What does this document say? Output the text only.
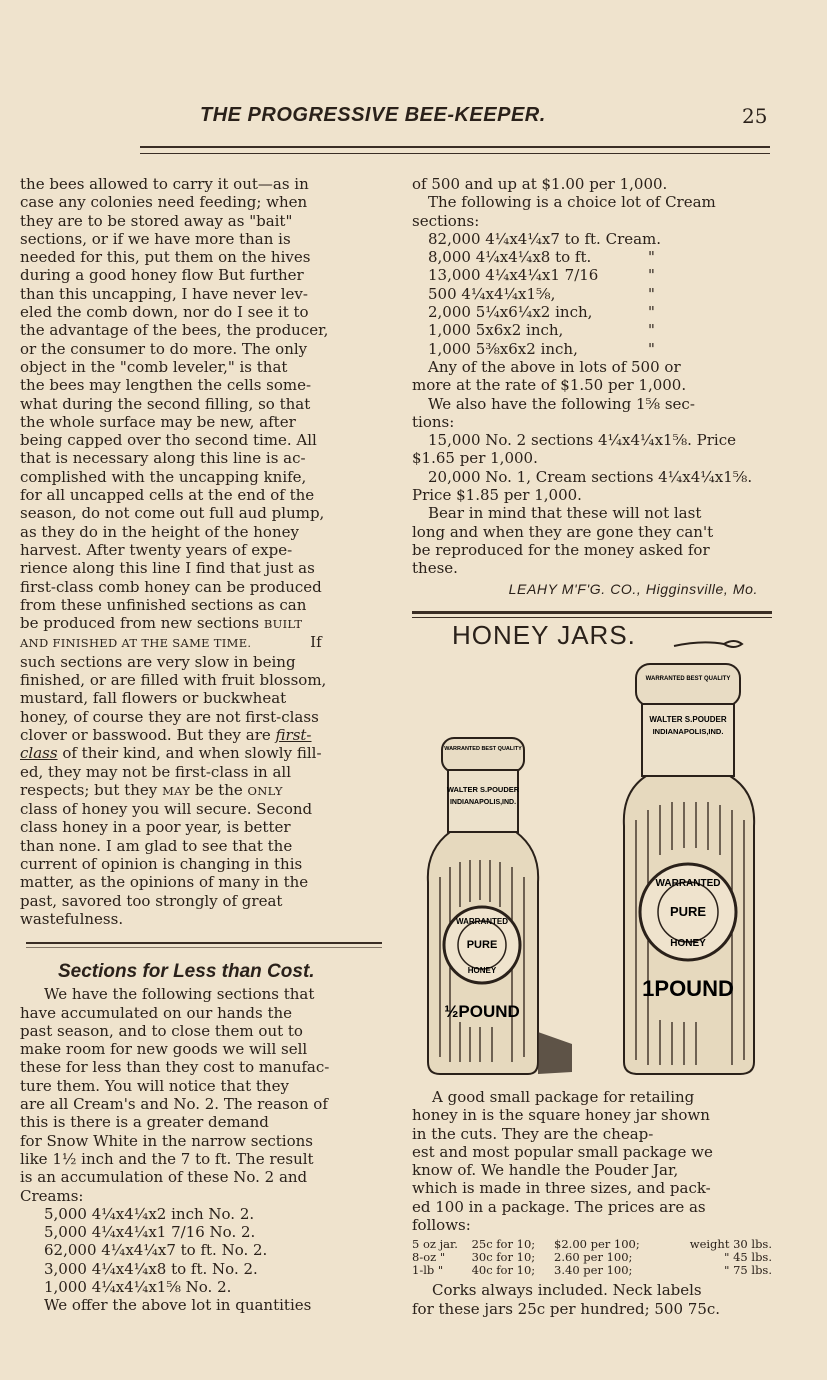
THE PROGRESSIVE BEE-KEEPER.	25
the bees allowed to carry it out—as in
case any colonies need feeding; when
they are to be stored away as "bait"
sections, or if we have more than is
needed for this, put them on the hives
during a good honey flow But further
than this uncapping, I have never lev-
eled the comb down, nor do I see it to
the advantage of the bees, the producer,
or the consumer to do more. The only
object in the "comb leveler," is that
the bees may lengthen the cells some-
what during the second filling, so that
the whole surface may be new, after
being capped over tho second time. All
that is necessary along this line is ac-
complished with the uncapping knife,
for all uncapped cells at the end of the
season, do not come out full aud plump,
as they do in the height of the honey
harvest. After twenty years of expe-
rience along this line I find that just as
first-class comb honey can be produced
from these unfinished sections as can
be produced from new sections BUILT
AND FINISHED AT THE SAME TIME.	If
such sections are very slow in being
finished, or are filled with fruit blossom,
mustard, fall flowers or buckwheat
honey, of course they are not first-class
clover or basswood. But they are first-
class of their kind, and when slowly fill-
ed, they may not be first-class in all
respects; but they MAY be the ONLY
class of honey you will secure. Second
class honey in a poor year, is better
than none. I am glad to see that the
current of opinion is changing in this
matter, as the opinions of many in the
past, savored too strongly of great
wastefulness.
Sections for Less than Cost.
We have the following sections that
have accumulated on our hands the
past season, and to close them out to
make room for new goods we will sell
these for less than they cost to manufac-
ture them. You will notice that they
are all Cream's and No. 2. The reason of
this is there is a greater demand
for Snow White in the narrow sections
like 1½ inch and the 7 to ft. The result
is an accumulation of these No. 2 and
Creams:
5,000 4¼x4¼x2 inch No. 2.
5,000 4¼x4¼x1 7/16 No. 2.
62,000 4¼x4¼x7 to ft. No. 2.
3,000 4¼x4¼x8 to ft. No. 2.
1,000 4¼x4¼x1⅝ No. 2.
We offer the above lot in quantities
of 500 and up at $1.00 per 1,000.
The following is a choice lot of Cream
sections:
82,000 4¼x4¼x7 to ft. Cream.
8,000 4¼x4¼x8 to ft.	"
13,000 4¼x4¼x1 7/16	"
500 4¼x4¼x1⅝,	"
2,000 5¼x6¼x2 inch,	"
1,000 5x6x2 inch,	"
1,000 5⅜x6x2 inch,	"
Any of the above in lots of 500 or
more at the rate of $1.50 per 1,000.
We also have the following 1⅝ sec-
tions:
15,000 No. 2 sections 4¼x4¼x1⅝. Price
$1.65 per 1,000.
20,000 No. 1, Cream sections 4¼x4¼x1⅝.
Price $1.85 per 1,000.
Bear in mind that these will not last
long and when they are gone they can't
be reproduced for the money asked for
these.
LEAHY M'F'G. CO., Higginsville, Mo.
HONEY JARS.
WARRANTED BEST QUALITY
WALTER S.POUDER
INDIANAPOLIS,IND.
WARRANTED
PURE
HONEY
½POUND
WARRANTED BEST QUALITY
WALTER S.POUDER
INDIANAPOLIS,IND.
WARRANTED
PURE
HONEY
1POUND
A good small package for retailing
honey in is the square honey jar shown
in the cuts. They are the cheap-
est and most popular small package we
know of. We handle the Pouder Jar,
which is made in three sizes, and pack-
ed 100 in a package. The prices are as
follows:
5 oz jar.	25c for 10;	$2.00 per 100;	weight 30 lbs.
8-oz "	30c for 10;	2.60 per 100;	" 45 lbs.
1-lb "	40c for 10;	3.40 per 100;	" 75 lbs.
Corks always included. Neck labels
for these jars 25c per hundred; 500 75c.
